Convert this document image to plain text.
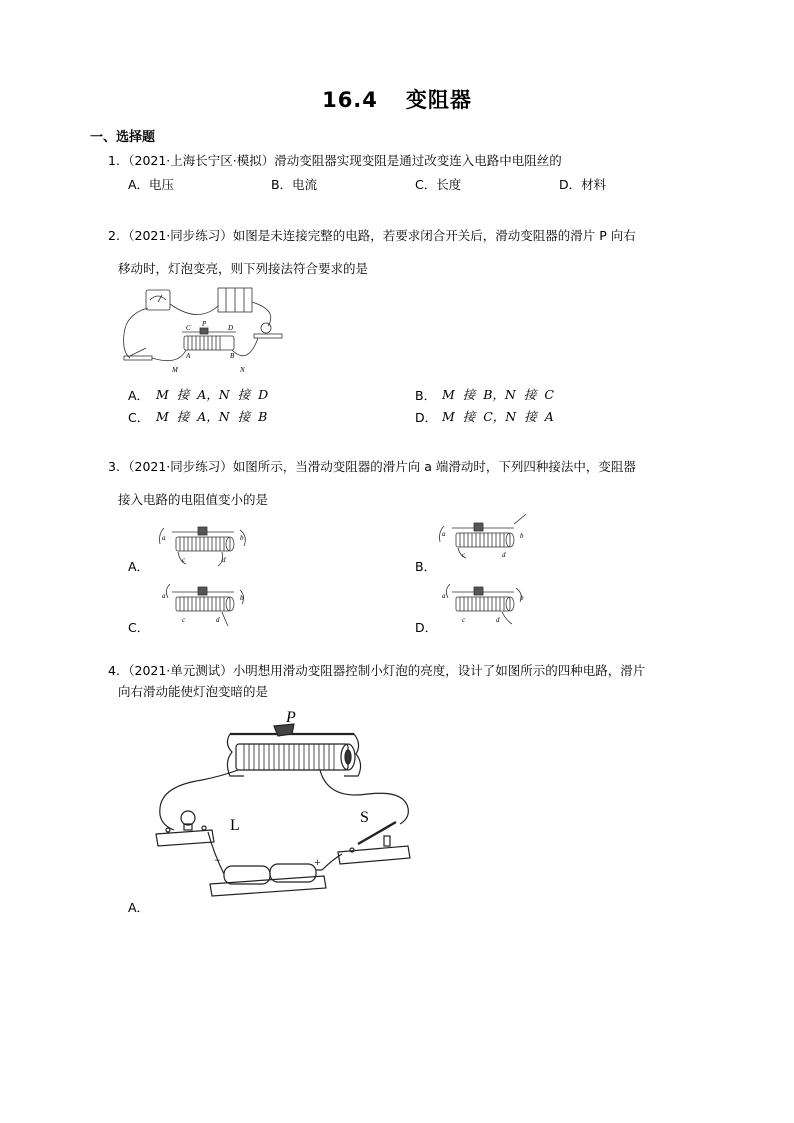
16.4 变阻器
一、选择题
1. （2021·上海长宁区·模拟）滑动变阻器实现变阻是通过改变连入电路中电阻丝的
A．电压	B．电流	C．长度	D．材料
2. （2021·同步练习）如图是未连接完整的电路，若要求闭合开关后，滑动变阻器的滑片 P 向右
移动时，灯泡变亮，则下列接法符合要求的是
C P	D
A	B
M	N
A． M 接 A，N 接 D	B． M 接 B，N 接 C
C． M 接 A，N 接 B	D． M 接 C，N 接 A
3. （2021·同步练习）如图所示，当滑动变阻器的滑片向 a 端滑动时，下列四种接法中，变阻器
接入电路的电阻值变小的是
a	b
c	d
a	b
c	d
a	b
c	d
a	b
c	d
A．	B．
C．	D．
4. （2021·单元测试）小明想用滑动变阻器控制小灯泡的亮度，设计了如图所示的四种电路，滑片
向右滑动能使灯泡变暗的是
P
L	S
−	+
A．
